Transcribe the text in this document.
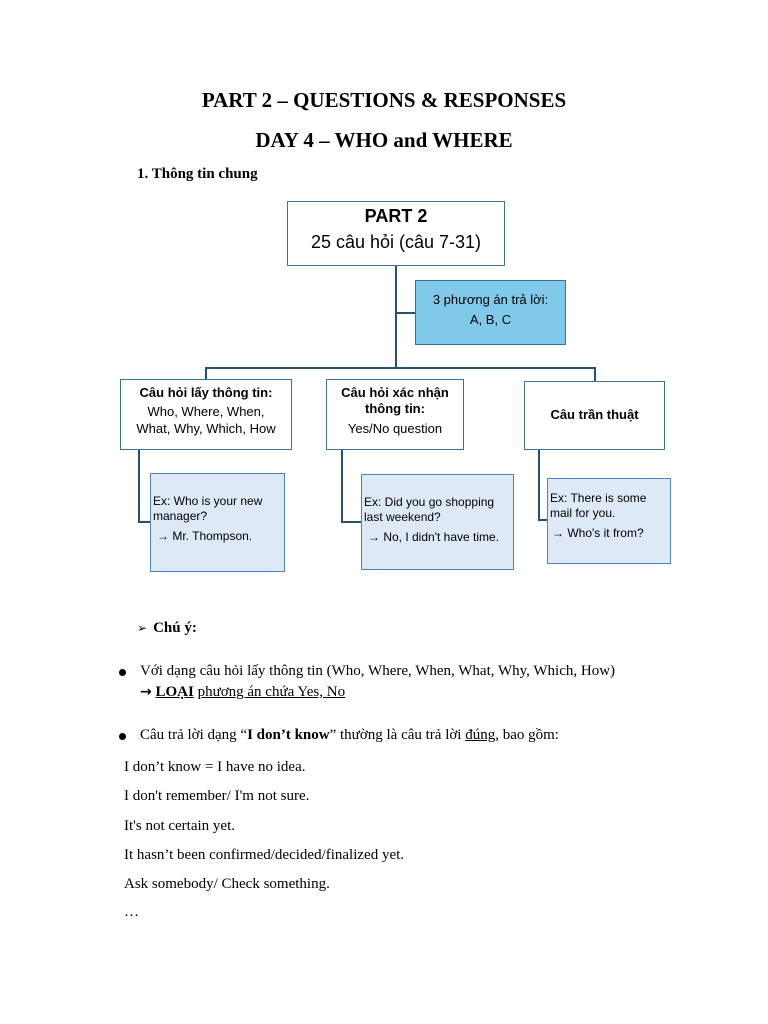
PART 2 – QUESTIONS & RESPONSES
DAY 4 – WHO and WHERE
1. Thông tin chung
PART 2
25 câu hỏi (câu 7-31)
3 phương án trả lời:
A, B, C
Câu hỏi lấy thông tin:
Who, Where, When,
What, Why, Which, How
Câu hỏi xác nhận
thông tin:
Yes/No question
Câu trần thuật
Ex: Who is your new
manager?
→ Mr. Thompson.
Ex: Did you go shopping
last weekend?
→ No, I didn't have time.
Ex: There is some
mail for you.
→ Who's it from?
➢ Chú ý:
Với dạng câu hỏi lấy thông tin (Who, Where, When, What, Why, Which, How)
→ LOẠI phương án chứa Yes, No
Câu trả lời dạng “I don’t know” thường là câu trả lời đúng, bao gồm:
I don’t know = I have no idea.
I don't remember/ I'm not sure.
It's not certain yet.
It hasn’t been confirmed/decided/finalized yet.
Ask somebody/ Check something.
…
